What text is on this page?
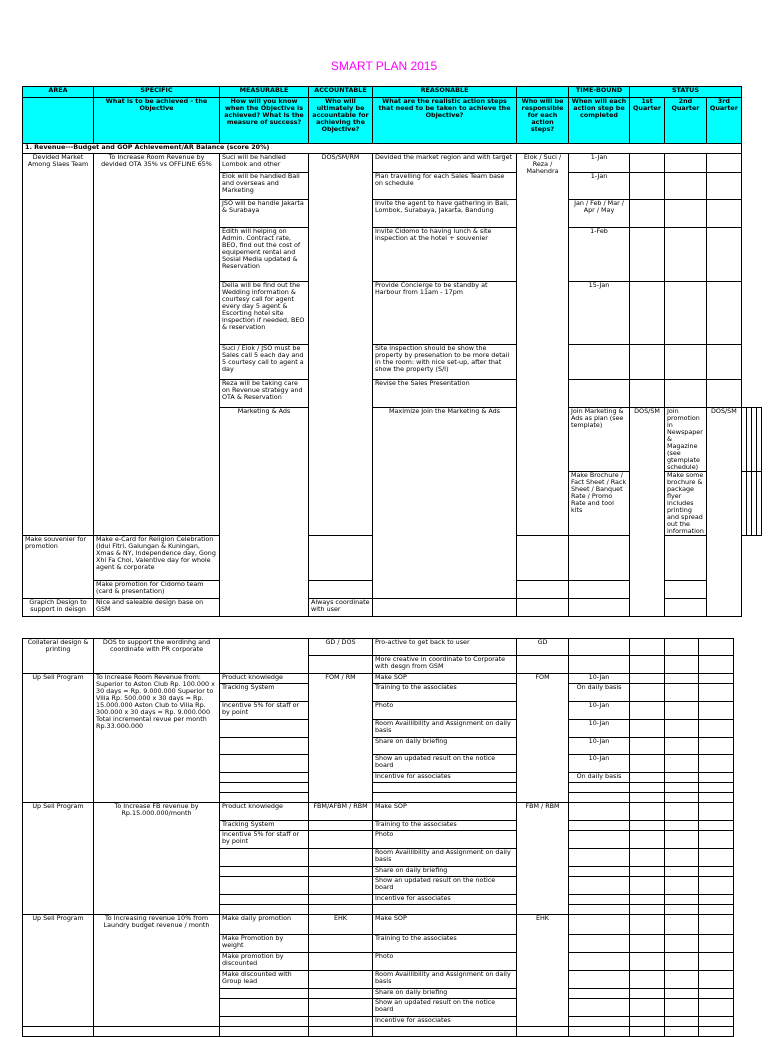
SMART PLAN 2015
AREA	SPECIFIC	MEASURABLE	ACCOUNTABLE	REASONABLE		TIME-BOUND	STATUS						
	What is to be achieved - the Objective	How will you know when the Objective is achieved? What is the measure of success?	Who will ultimately be accountable for achieving the Objective?	What are the realistic action steps that need to be taken to achieve the Objective?	Who will be responsible for each action steps?	When will each action step be completed	1st Quarter	2nd Quarter	3rd Quarter				
1. Revenue---Budget and GOP Achievement/AR Balance (score 20%)													
Devided Market Among Slaes Team	To Increase Room Revenue by devided OTA 35% vs OFFLINE 65%	Suci will be handled Lombok and other	DOS/SM/RM	Devided the market region and with target	Elok / Suci / Reza / Mahendra	1-Jan							
		Elok will be handled Bali and overseas and Marketing		Plan travelling for each Sales Team base on schedule		1-Jan							
		JSO will be handle Jakarta & Surabaya		Invite the agent to have gathering in Bali, Lombok, Surabaya, Jakarta, Bandung		Jan / Feb / Mar / Apr / May							
		Edith will helping on Admin. Contract rate, BEO, find out the cost of equipement rental and Sosial Media updated & Reservation		Invite Cidomo to having lunch & site inspection at the hotel + souvenier		1-Feb							
		Della will be find out the Wedding information & courtesy call for agent every day 5 agent & Escorting hotel site inspection if needed, BEO & reservation		Provide Concierge to be standby at Harbour from 11am - 17pm		15-Jan							
		Suci / Elok / JSO must be Sales call 5 each day and 5 courtesy call to agent a day		Site inspection should be show the property by presenation to be more detail in the room: with nice set-up, after that show the property (S/I)									
		Reza will be taking care on Revenue strategy and OTA & Reservation		Revise the Sales Presentation									
		Marketing & Ads		Maximize Join the Marketing & Ads		Join Marketing & Ads as plan (see template)	DOS/SM	Join promotion in Newspaper & Magazine (see gtemplate schedule)	DOS/SM				
						Make Brochure / Fact Sheet / Rack Sheet / Banquet Rate / Promo Rate and tool kits		Make some brochure & package flyer includes printing and spread out the information					
Make souvenier for promotion	Make e-Card for Religion Celebration (Idul Fitri, Galungan & Kuningan, Xmas & NY, Independence day, Gong Xhi Fa Choi, Valentive day for whole agent & corporate												
	Make promotion for Cidomo team (card & presentation)												
Grapich Design to support in deisgn	Nice and saleable design base on GSM		Always coordinate with user										
Collateral design & printing	DOS to support the wordinhg and coordinate with PR corporate		GD / DOS	Pro-active to get back to user	GD				
				More creative in coordinate to Corporate with desgn from GSM					
Up Sell Program	To Increase Room Revenue from: Superior to Aston Club Rp. 100.000 x 30 days = Rp. 9.000.000 Superior to Villa Rp. 500.000 x 30 days = Rp. 15.000.000 Aston Club to Villa Rp. 300.000 x 30 days = Rp. 9.000.000 Total incremental revue per month Rp.33.000.000	Product knowledge	FOM / RM	Make SOP	FOM	10-Jan			
		Tracking System		Training to the associates		On daily basis			
		Incentive 5% for staff or by point		Photo		10-Jan			
				Room Availlibility and Assignment on daily basis		10-Jan			
				Share on daily briefing		10-Jan			
				Show an updated result on the notice board		10-Jan			
				Incentive for associates		On daily basis			

Up Sell Program	To Increase FB revenue by Rp.15.000.000/month	Product knowledge	FBM/AFBM / RBM	Make SOP	FBM / RBM				
		Tracking System		Training to the associates					
		Incentive 5% for staff or by point		Photo					
				Room Availlibility and Assignment on daily basis					
				Share on daily briefing					
				Show an updated result on the notice board					
				Incentive for associates					

Up Sell Program	To Increasing revenue 10% from Laundry budget revenue / month	Make daily promotion	EHK	Make SOP	EHK				
		Make Promotion by weight		Training to the associates					
		Make promotion by discounted		Photo					
		Make discounted with Group lead		Room Availlibility and Assignment on daily basis					
				Share on daily briefing					
				Show an updated result on the notice board					
				Incentive for associates					
